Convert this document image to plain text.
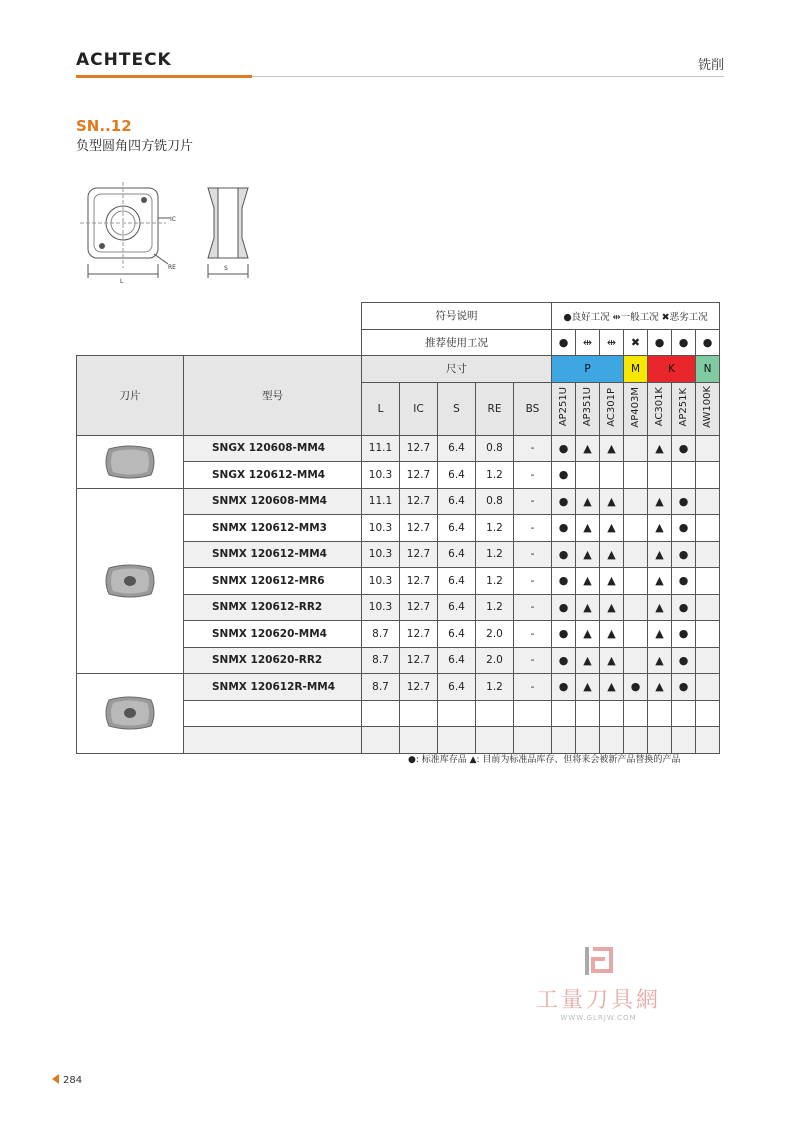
ACHTECK	铣削
SN..12
负型圆角四方铣刀片
IC
RE
L
S
		符号说明					●良好工况 ⇹一般工况 ✖恶劣工况						
		推荐使用工况					●	⇹	⇹	✖	●	●	●
刀片	型号	尺寸					P			M	K		N
		L	IC	S	RE	BS	AP251U	AP351U	AC301P	AP403M	AC301K	AP251K	AW100K

	SNGX 120608-MM4	11.1	12.7	6.4	0.8	-	●	▲	▲		▲	●	
	SNGX 120612-MM4	10.3	12.7	6.4	1.2	-	●						

	SNMX 120608-MM4	11.1	12.7	6.4	0.8	-	●	▲	▲		▲	●	
	SNMX 120612-MM3	10.3	12.7	6.4	1.2	-	●	▲	▲		▲	●	
	SNMX 120612-MM4	10.3	12.7	6.4	1.2	-	●	▲	▲		▲	●	
	SNMX 120612-MR6	10.3	12.7	6.4	1.2	-	●	▲	▲		▲	●	
	SNMX 120612-RR2	10.3	12.7	6.4	1.2	-	●	▲	▲		▲	●	
	SNMX 120620-MM4	8.7	12.7	6.4	2.0	-	●	▲	▲		▲	●	
	SNMX 120620-RR2	8.7	12.7	6.4	2.0	-	●	▲	▲		▲	●	

	SNMX 120612R-MM4	8.7	12.7	6.4	1.2	-	●	▲	▲	●	▲	●	

●: 标准库存品 ▲: 目前为标准品库存、但将来会被新产品替换的产品
工量刀具網
WWW.GLRJW.COM
284
